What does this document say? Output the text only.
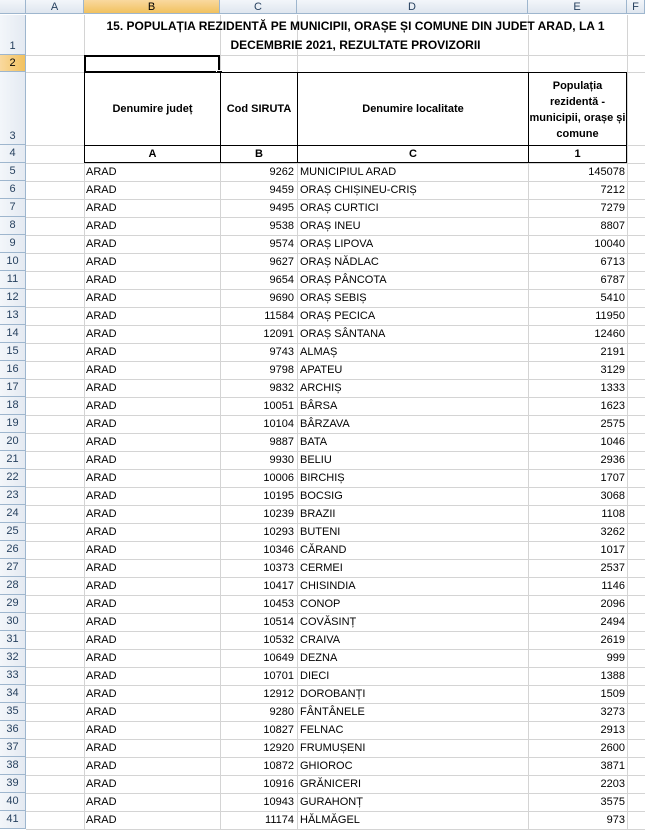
A	B	C	D	E	F
1
2
3
4
5
6
7
8
9
10
11
12
13
14
15
16
17
18
19
20
21
22
23
24
25
26
27
28
29
30
31
32
33
34
35
36
37
38
39
40
41
15. POPULAȚIA REZIDENTĂ PE MUNICIPII, ORAȘE ȘI COMUNE DIN JUDET ARAD, LA 1 DECEMBRIE 2021, REZULTATE PROVIZORII
Denumire județ	Cod SIRUTA	Denumire localitate
Populația rezidentă - municipii, orașe și comune
A	B	C	1
ARAD	9262 MUNICIPIUL ARAD	145078
ARAD	9459 ORAȘ CHIȘINEU-CRIȘ	7212
ARAD	9495 ORAȘ CURTICI	7279
ARAD	9538 ORAȘ INEU	8807
ARAD	9574 ORAȘ LIPOVA	10040
ARAD	9627 ORAȘ NĂDLAC	6713
ARAD	9654 ORAȘ PÂNCOTA	6787
ARAD	9690 ORAȘ SEBIȘ	5410
ARAD	11584 ORAȘ PECICA	11950
ARAD	12091 ORAȘ SÂNTANA	12460
ARAD	9743 ALMAȘ	2191
ARAD	9798 APATEU	3129
ARAD	9832 ARCHIȘ	1333
ARAD	10051 BÂRSA	1623
ARAD	10104 BÂRZAVA	2575
ARAD	9887 BATA	1046
ARAD	9930 BELIU	2936
ARAD	10006 BIRCHIȘ	1707
ARAD	10195 BOCSIG	3068
ARAD	10239 BRAZII	1108
ARAD	10293 BUTENI	3262
ARAD	10346 CĂRAND	1017
ARAD	10373 CERMEI	2537
ARAD	10417 CHISINDIA	1146
ARAD	10453 CONOP	2096
ARAD	10514 COVĂSINȚ	2494
ARAD	10532 CRAIVA	2619
ARAD	10649 DEZNA	999
ARAD	10701 DIECI	1388
ARAD	12912 DOROBANȚI	1509
ARAD	9280 FÂNTÂNELE	3273
ARAD	10827 FELNAC	2913
ARAD	12920 FRUMUȘENI	2600
ARAD	10872 GHIOROC	3871
ARAD	10916 GRĂNICERI	2203
ARAD	10943 GURAHONȚ	3575
ARAD	11174 HĂLMĂGEL	973
